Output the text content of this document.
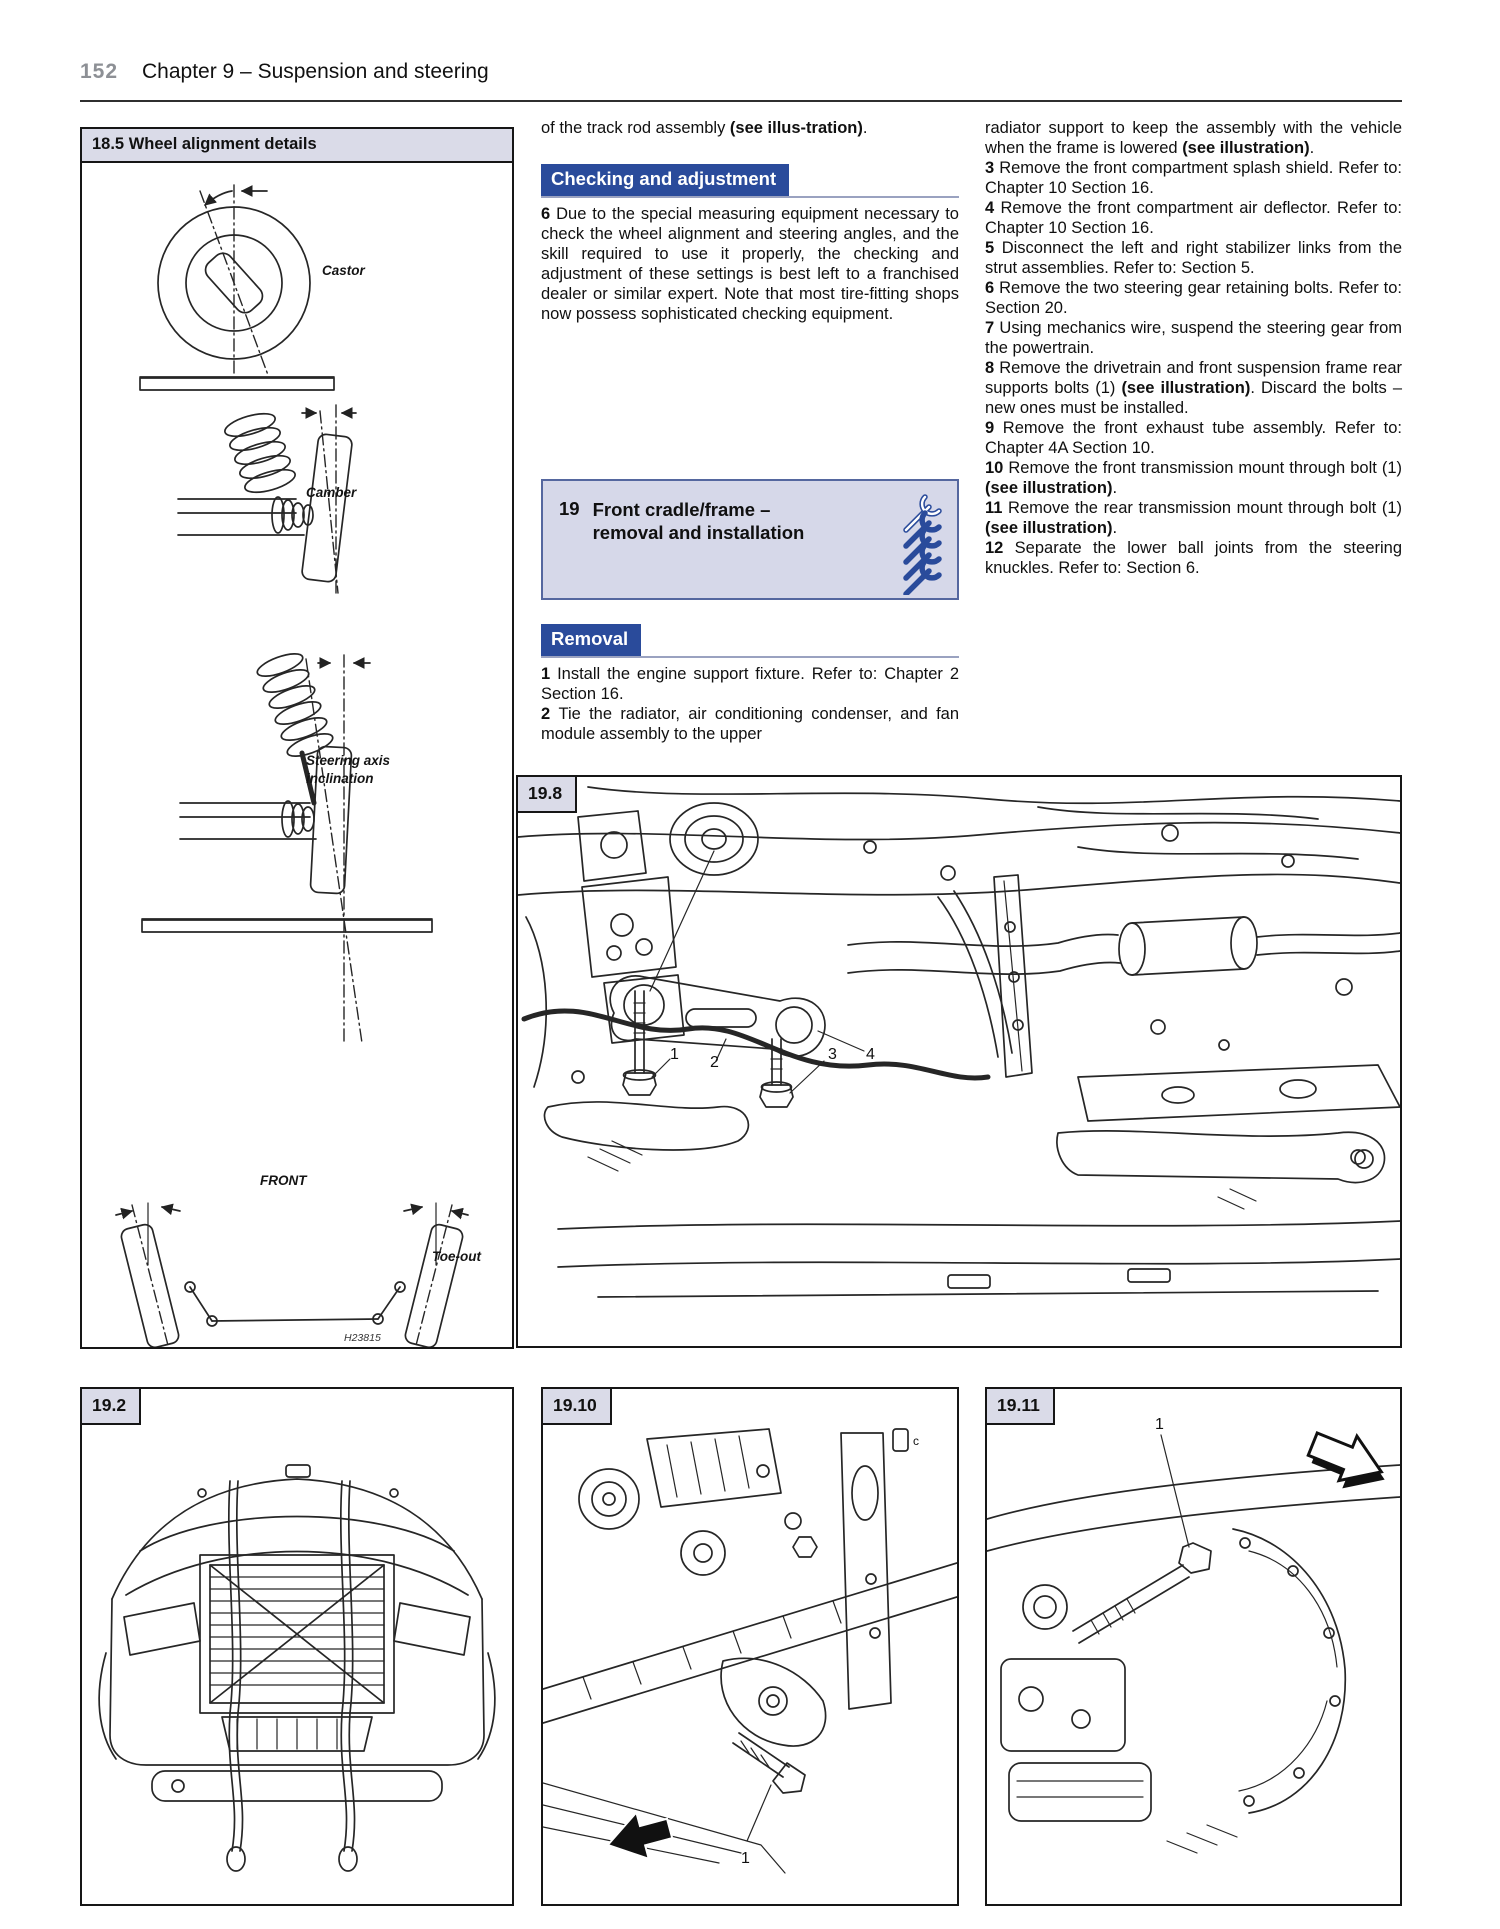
152 Chapter 9 – Suspension and steering
18.5 Wheel alignment details
Castor
Camber
Steering axis
inclination
FRONT
Toe-out
H23815

of the track rod assembly (see illus-tration).

Checking and adjustment

6 Due to the special measuring equipment necessary to check the wheel alignment and steering angles, and the skill required to use it properly, the checking and adjustment of these settings is best left to a franchised dealer or similar expert. Note that most tire-fitting shops now possess sophisticated checking equipment.

19 Front cradle/frame –
removal and installation
Removal

1 Install the engine support fixture. Refer to: Chapter 2 Section 16.

2 Tie the radiator, air conditioning condenser, and fan module assembly to the upper

radiator support to keep the assembly with the vehicle when the frame is lowered (see illustration).

3 Remove the front compartment splash shield. Refer to: Chapter 10 Section 16.

4 Remove the front compartment air deflector. Refer to: Chapter 10 Section 16.

5 Disconnect the left and right stabilizer links from the strut assemblies. Refer to: Section 5.

6 Remove the two steering gear retaining bolts. Refer to: Section 20.

7 Using mechanics wire, suspend the steering gear from the powertrain.

8 Remove the drivetrain and front suspension frame rear supports bolts (1) (see illustration). Discard the bolts – new ones must be installed.

9 Remove the front exhaust tube assembly. Refer to: Chapter 4A Section 10.

10 Remove the front transmission mount through bolt (1) (see illustration).

11 Remove the rear transmission mount through bolt (1) (see illustration).

12 Separate the lower ball joints from the steering knuckles. Refer to: Section 6.

19.8
1 2	3 4
19.2	19.10
c
1
19.11
1
